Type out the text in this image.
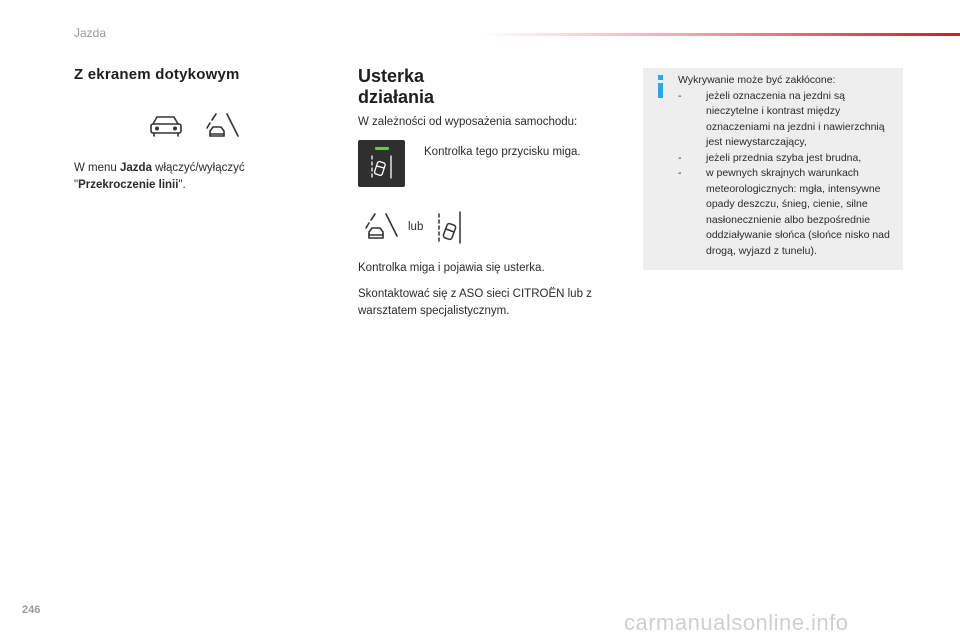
Jazda
Z ekranem dotykowym

W menu Jazda włączyć/wyłączyć
"Przekroczenie linii".

Usterka
działania

W zależności od wyposażenia samochodu:

Kontrolka tego przycisku miga.

lub

Kontrolka miga i pojawia się usterka.

Skontaktować się z ASO sieci CITROËN lub z warsztatem specjalistycznym.

Wykrywanie może być zakłócone:
- jeżeli oznaczenia na jezdni są nieczytelne i kontrast między oznaczeniami na jezdni i nawierzchnią jest niewystarczający,
- jeżeli przednia szyba jest brudna,
- w pewnych skrajnych warunkach meteorologicznych: mgła, intensywne opady deszczu, śnieg, cienie, silne nasłonecznienie albo bezpośrednie oddziaływanie słońca (słońce nisko nad drogą, wyjazd z tunelu).
246	carmanualsonline.info
